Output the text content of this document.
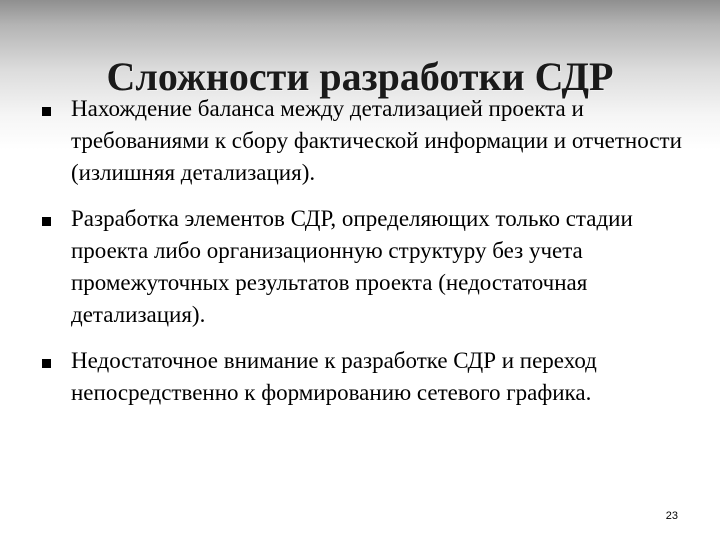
Сложности разработки СДР
Нахождение баланса между детализацией проекта и требованиями к сбору фактической информации и отчетности (излишняя детализация).
Разработка элементов СДР, определяющих только стадии проекта либо организационную структуру без учета промежуточных результатов проекта (недостаточная детализация).
Недостаточное внимание к разработке СДР и переход непосредственно к формированию сетевого графика.
23
